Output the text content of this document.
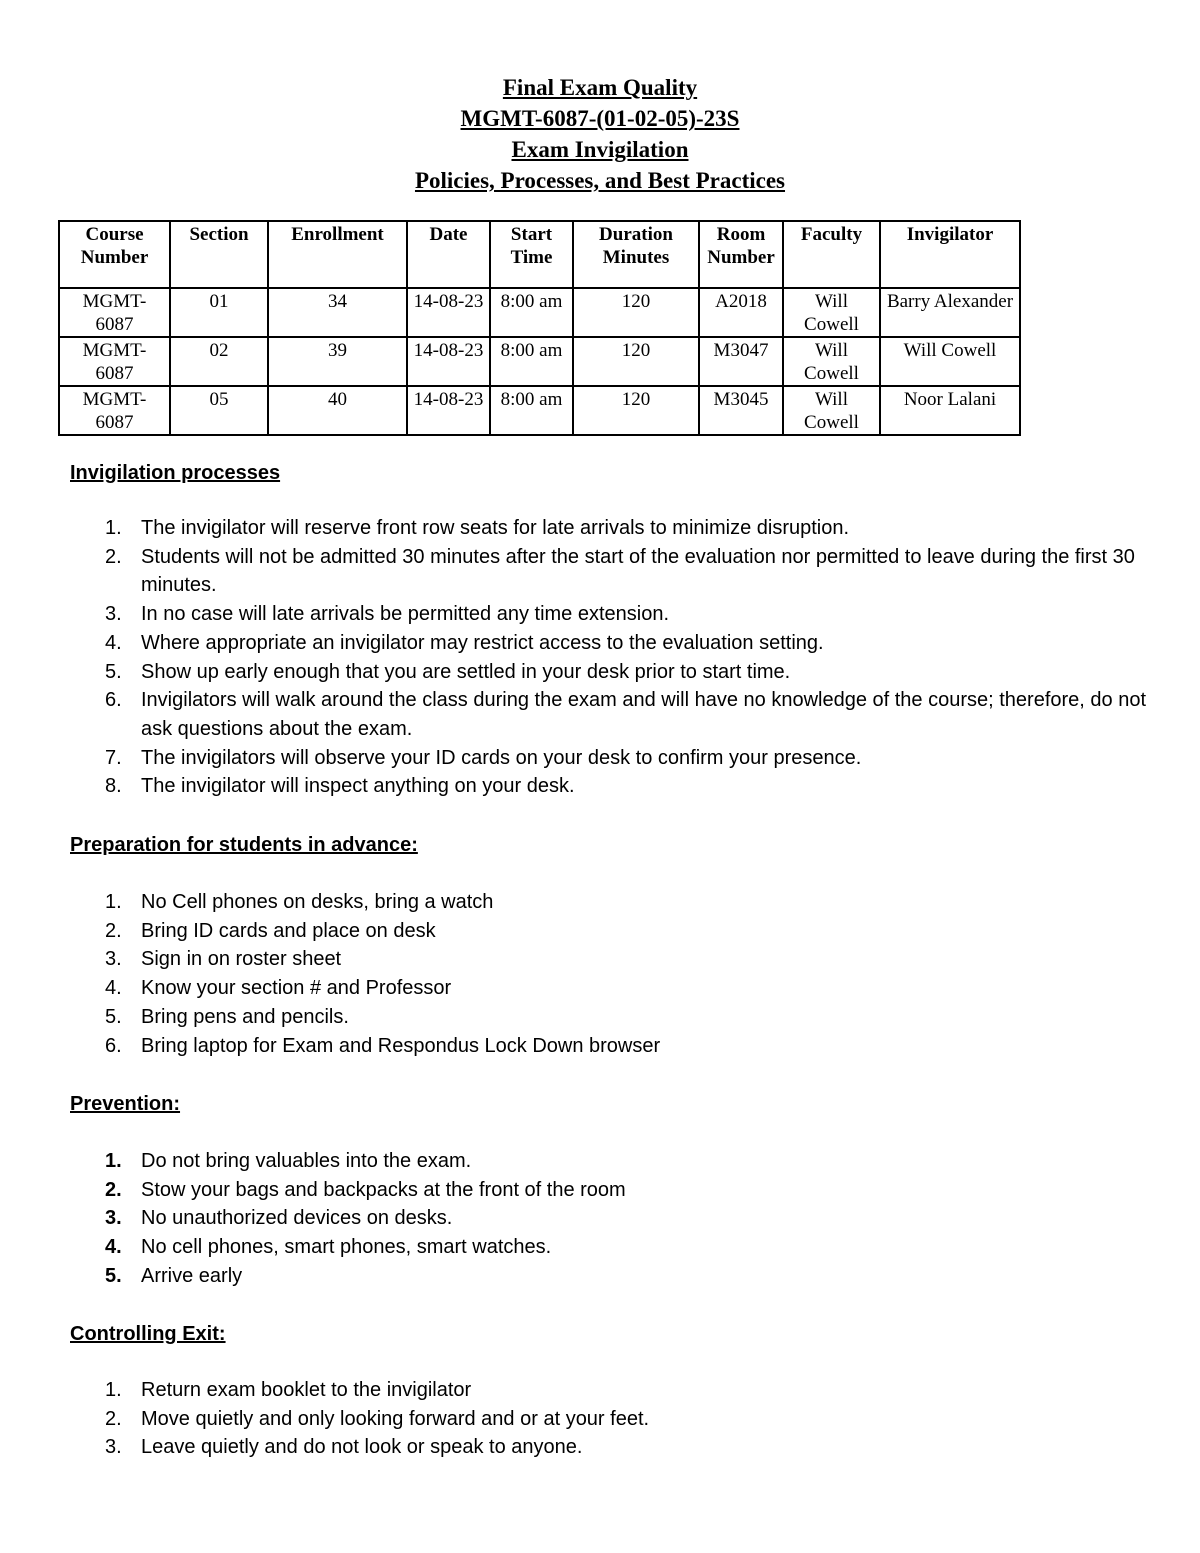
Final Exam Quality
MGMT-6087-(01-02-05)-23S
Exam Invigilation
Policies, Processes, and Best Practices
Course Number	Section	Enrollment	Date	Start Time	Duration Minutes	Room Number	Faculty	Invigilator
MGMT-6087	01	34	14-08-23	8:00 am	120	A2018	Will Cowell	Barry Alexander
MGMT-6087	02	39	14-08-23	8:00 am	120	M3047	Will Cowell	Will Cowell
MGMT-6087	05	40	14-08-23	8:00 am	120	M3045	Will Cowell	Noor Lalani
Invigilation processes
1. The invigilator will reserve front row seats for late arrivals to minimize disruption.
2. Students will not be admitted 30 minutes after the start of the evaluation nor permitted to leave during the first 30 minutes.
3. In no case will late arrivals be permitted any time extension.
4. Where appropriate an invigilator may restrict access to the evaluation setting.
5. Show up early enough that you are settled in your desk prior to start time.
6. Invigilators will walk around the class during the exam and will have no knowledge of the course; therefore, do not ask questions about the exam.
7. The invigilators will observe your ID cards on your desk to confirm your presence.
8. The invigilator will inspect anything on your desk.
Preparation for students in advance:
1. No Cell phones on desks, bring a watch
2. Bring ID cards and place on desk
3. Sign in on roster sheet
4. Know your section # and Professor
5. Bring pens and pencils.
6. Bring laptop for Exam and Respondus Lock Down browser
Prevention:
1. Do not bring valuables into the exam.
2. Stow your bags and backpacks at the front of the room
3. No unauthorized devices on desks.
4. No cell phones, smart phones, smart watches.
5. Arrive early
Controlling Exit:
1. Return exam booklet to the invigilator
2. Move quietly and only looking forward and or at your feet.
3. Leave quietly and do not look or speak to anyone.
